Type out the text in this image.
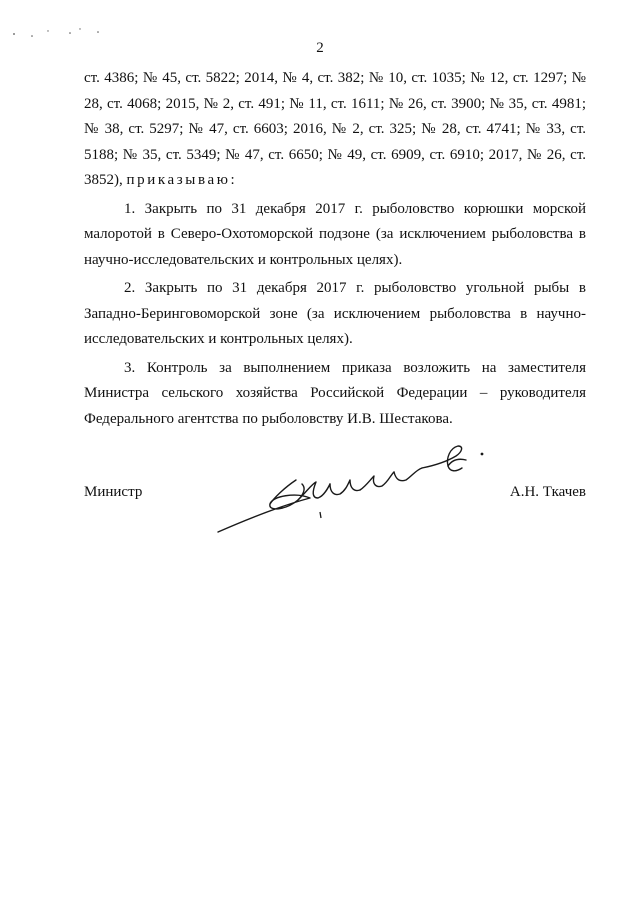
2

ст. 4386; № 45, ст. 5822; 2014, № 4, ст. 382; № 10, ст. 1035; № 12, ст. 1297; № 28, ст. 4068; 2015, № 2, ст. 491; № 11, ст. 1611; № 26, ст. 3900; № 35, ст. 4981; № 38, ст. 5297; № 47, ст. 6603; 2016, № 2, ст. 325; № 28, ст. 4741; № 33, ст. 5188; № 35, ст. 5349; № 47, ст. 6650; № 49, ст. 6909, ст. 6910; 2017, № 26, ст. 3852), приказываю:

1. Закрыть по 31 декабря 2017 г. рыболовство корюшки морской малоротой в Северо-Охотоморской подзоне (за исключением рыболовства в научно-исследовательских и контрольных целях).

2. Закрыть по 31 декабря 2017 г. рыболовство угольной рыбы в Западно-Беринговоморской зоне (за исключением рыболовства в научно-исследовательских и контрольных целях).

3. Контроль за выполнением приказа возложить на заместителя Министра сельского хозяйства Российской Федерации – руководителя Федерального агентства по рыболовству И.В. Шестакова.

Министр	А.Н. Ткачев
